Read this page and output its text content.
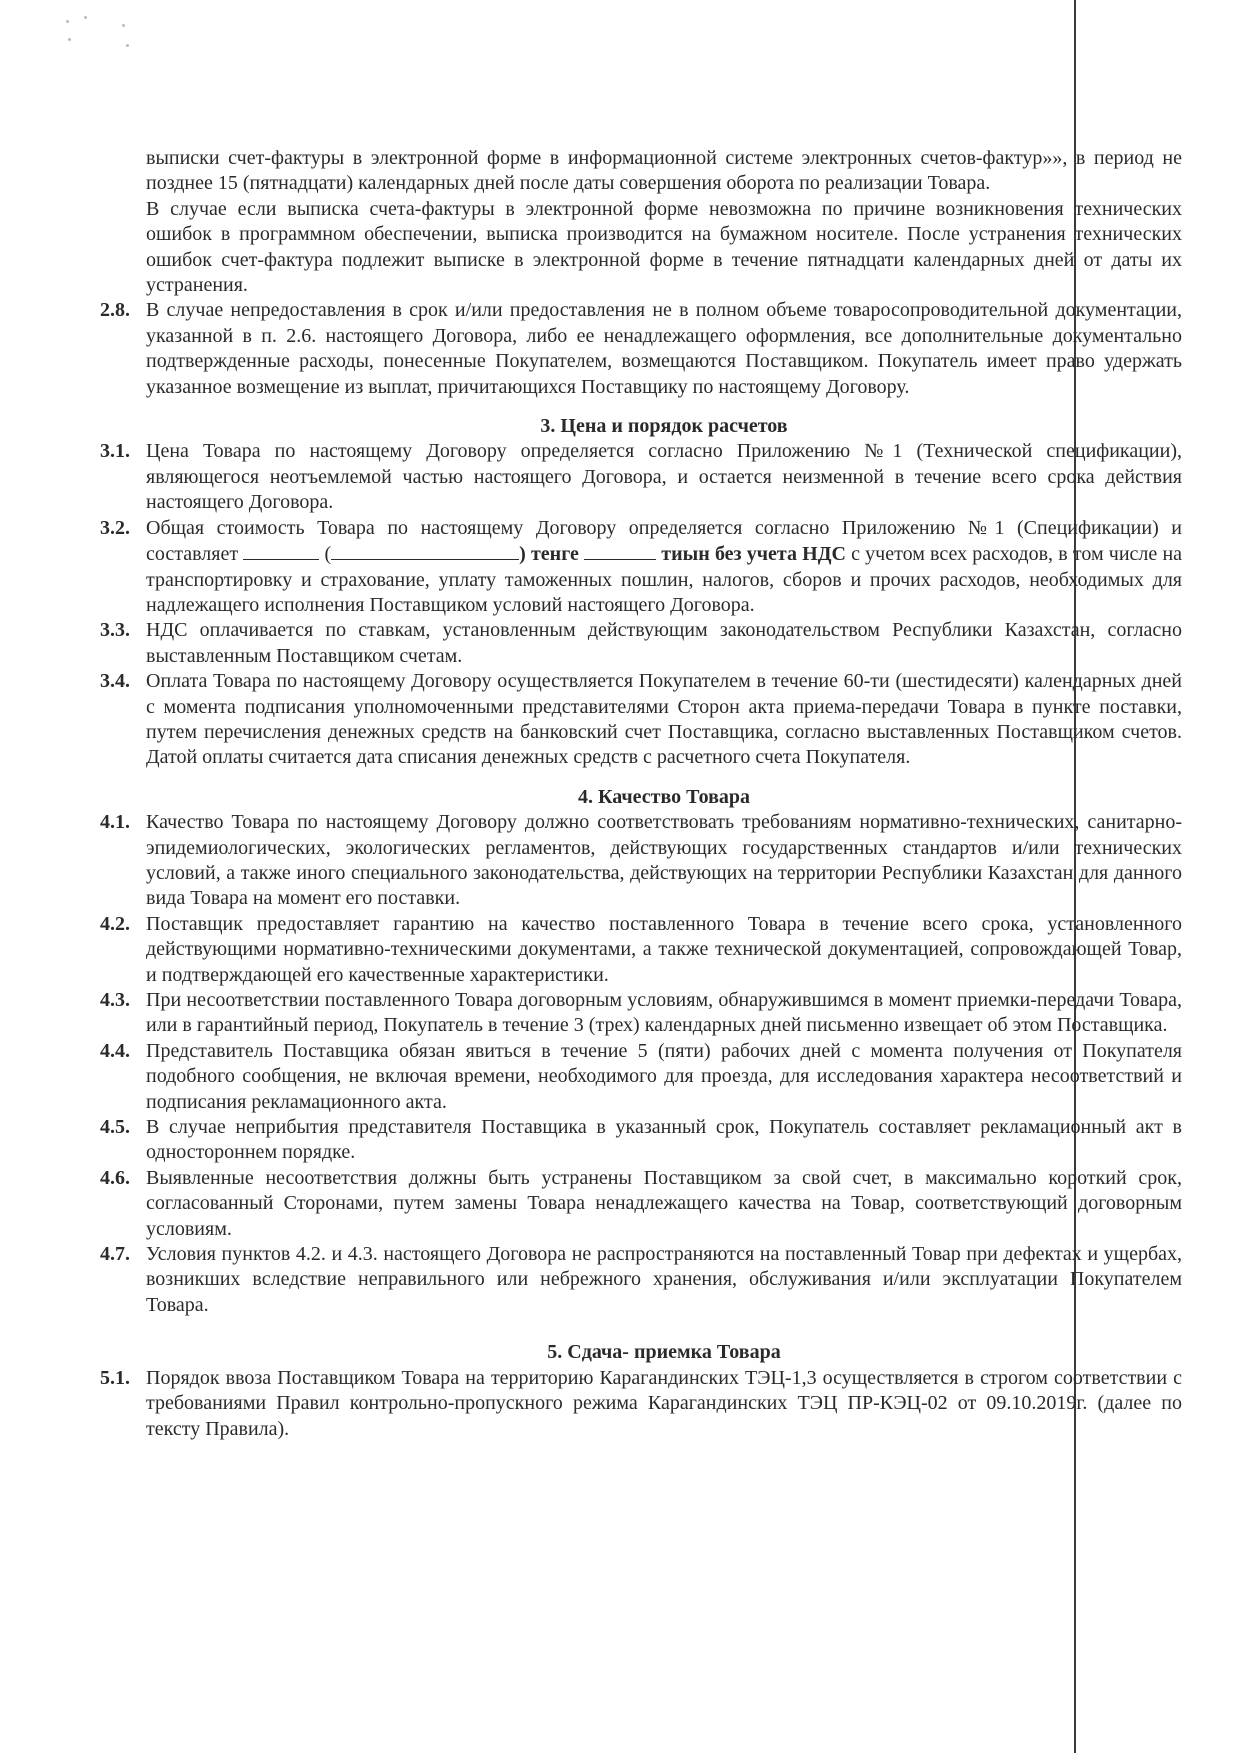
выписки счет-фактуры в электронной форме в информационной системе электронных счетов-фактур»», в период не позднее 15 (пятнадцати) календарных дней после даты совершения оборота по реализации Товара.

В случае если выписка счета-фактуры в электронной форме невозможна по причине возникновения технических ошибок в программном обеспечении, выписка производится на бумажном носителе. После устранения технических ошибок счет-фактура подлежит выписке в электронной форме в течение пятнадцати календарных дней от даты их устранения.

2.8. В случае непредоставления в срок и/или предоставления не в полном объеме товаросопроводительной документации, указанной в п. 2.6. настоящего Договора, либо ее ненадлежащего оформления, все дополнительные документально подтвержденные расходы, понесенные Покупателем, возмещаются Поставщиком. Покупатель имеет право удержать указанное возмещение из выплат, причитающихся Поставщику по настоящему Договору.

3. Цена и порядок расчетов

3.1. Цена Товара по настоящему Договору определяется согласно Приложению №1 (Технической спецификации), являющегося неотъемлемой частью настоящего Договора, и остается неизменной в течение всего срока действия настоящего Договора.

3.2. Общая стоимость Товара по настоящему Договору определяется согласно Приложению №1 (Спецификации) и составляет	(	) тенге	тиын без учета НДС с учетом всех расходов, в том числе на транспортировку и страхование, уплату таможенных пошлин, налогов, сборов и прочих расходов, необходимых для надлежащего исполнения Поставщиком условий настоящего Договора.

3.3. НДС оплачивается по ставкам, установленным действующим законодательством Республики Казахстан, согласно выставленным Поставщиком счетам.

3.4. Оплата Товара по настоящему Договору осуществляется Покупателем в течение 60-ти (шестидесяти) календарных дней с момента подписания уполномоченными представителями Сторон акта приема-передачи Товара в пункте поставки, путем перечисления денежных средств на банковский счет Поставщика, согласно выставленных Поставщиком счетов. Датой оплаты считается дата списания денежных средств с расчетного счета Покупателя.

4. Качество Товара

4.1. Качество Товара по настоящему Договору должно соответствовать требованиям нормативно-технических, санитарно-эпидемиологических, экологических регламентов, действующих государственных стандартов и/или технических условий, а также иного специального законодательства, действующих на территории Республики Казахстан для данного вида Товара на момент его поставки.

4.2. Поставщик предоставляет гарантию на качество поставленного Товара в течение всего срока, установленного действующими нормативно-техническими документами, а также технической документацией, сопровождающей Товар, и подтверждающей его качественные характеристики.

4.3. При несоответствии поставленного Товара договорным условиям, обнаружившимся в момент приемки-передачи Товара, или в гарантийный период, Покупатель в течение 3 (трех) календарных дней письменно извещает об этом Поставщика.

4.4. Представитель Поставщика обязан явиться в течение 5 (пяти) рабочих дней с момента получения от Покупателя подобного сообщения, не включая времени, необходимого для проезда, для исследования характера несоответствий и подписания рекламационного акта.

4.5. В случае неприбытия представителя Поставщика в указанный срок, Покупатель составляет рекламационный акт в одностороннем порядке.

4.6. Выявленные несоответствия должны быть устранены Поставщиком за свой счет, в максимально короткий срок, согласованный Сторонами, путем замены Товара ненадлежащего качества на Товар, соответствующий договорным условиям.

4.7. Условия пунктов 4.2. и 4.3. настоящего Договора не распространяются на поставленный Товар при дефектах и ущербах, возникших вследствие неправильного или небрежного хранения, обслуживания и/или эксплуатации Покупателем Товара.

5. Сдача- приемка Товара

5.1. Порядок ввоза Поставщиком Товара на территорию Карагандинских ТЭЦ-1,3 осуществляется в строгом соответствии с требованиями Правил контрольно-пропускного режима Карагандинских ТЭЦ ПР-КЭЦ-02 от 09.10.2019г. (далее по тексту Правила).
